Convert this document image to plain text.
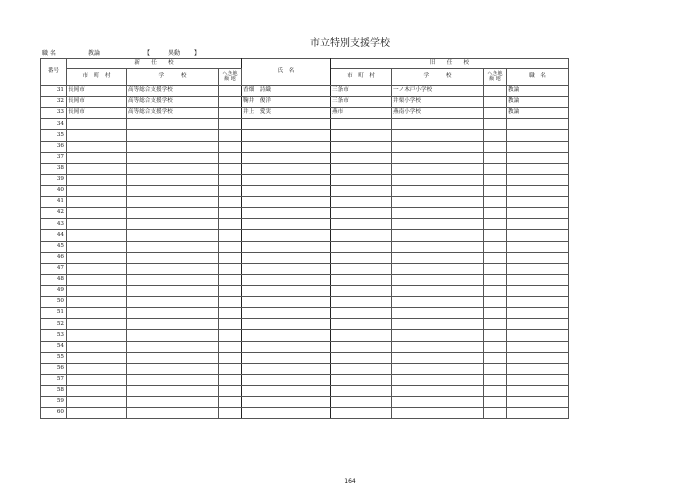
市立特別支援学校
職 名	教論	【	異動	】
番号	新　　任　　校			氏　名	旧　　任　　校			
	市　町　村	学　　　校	へき地
級 地		市　町　村	学　　　校	へき地
級 地	職　名
31	長岡市	高等総合支援学校		香畑　詩織	三条市	一ノ木戸小学校		教論
32	長岡市	高等総合支援学校		鞠井　俊洋	三条市	井栗小学校		教論
33	長岡市	高等総合支援学校		井上　愛実	燕市	燕南小学校		教論
34								
35								
36								
37								
38								
39								
40								
41								
42								
43								
44								
45								
46								
47								
48								
49								
50								
51								
52								
53								
54								
55								
56								
57								
58								
59								
60								
164
